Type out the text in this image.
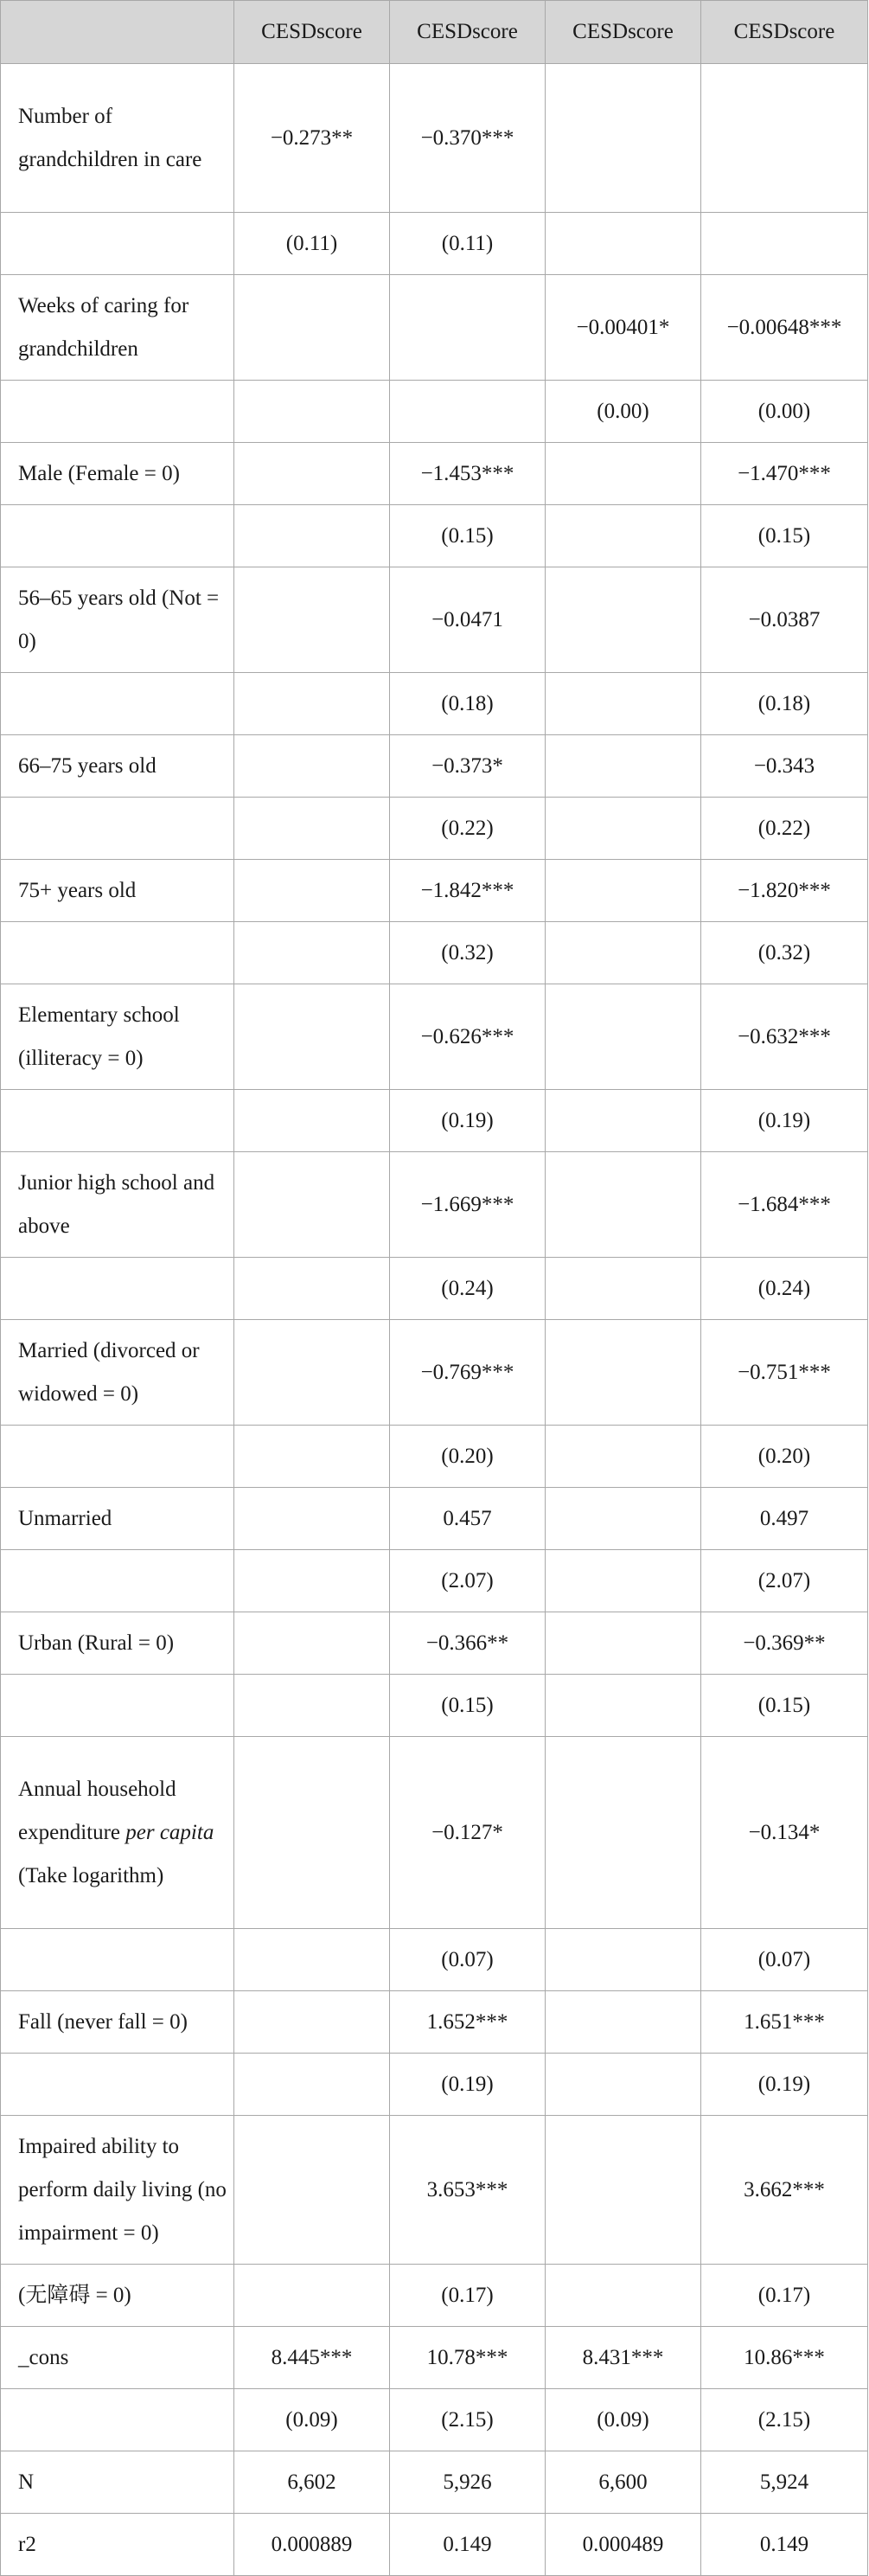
	CESDscore	CESDscore	CESDscore	CESDscore
Number of grandchildren in care	−0.273**	−0.370***		
	(0.11)	(0.11)		
Weeks of caring for grandchildren			−0.00401*	−0.00648***
			(0.00)	(0.00)
Male (Female = 0)		−1.453***		−1.470***
		(0.15)		(0.15)
56–65 years old (Not = 0)		−0.0471		−0.0387
		(0.18)		(0.18)
66–75 years old		−0.373*		−0.343
		(0.22)		(0.22)
75+ years old		−1.842***		−1.820***
		(0.32)		(0.32)
Elementary school (illiteracy = 0)		−0.626***		−0.632***
		(0.19)		(0.19)
Junior high school and above		−1.669***		−1.684***
		(0.24)		(0.24)
Married (divorced or widowed = 0)		−0.769***		−0.751***
		(0.20)		(0.20)
Unmarried		0.457		0.497
		(2.07)		(2.07)
Urban (Rural = 0)		−0.366**		−0.369**
		(0.15)		(0.15)
Annual household expenditure per capita (Take logarithm)		−0.127*		−0.134*
		(0.07)		(0.07)
Fall (never fall = 0)		1.652***		1.651***
		(0.19)		(0.19)
Impaired ability to perform daily living (no impairment = 0)		3.653***		3.662***
(无障碍 = 0)		(0.17)		(0.17)
_cons	8.445***	10.78***	8.431***	10.86***
	(0.09)	(2.15)	(0.09)	(2.15)
N	6,602	5,926	6,600	5,924
r2	0.000889	0.149	0.000489	0.149
